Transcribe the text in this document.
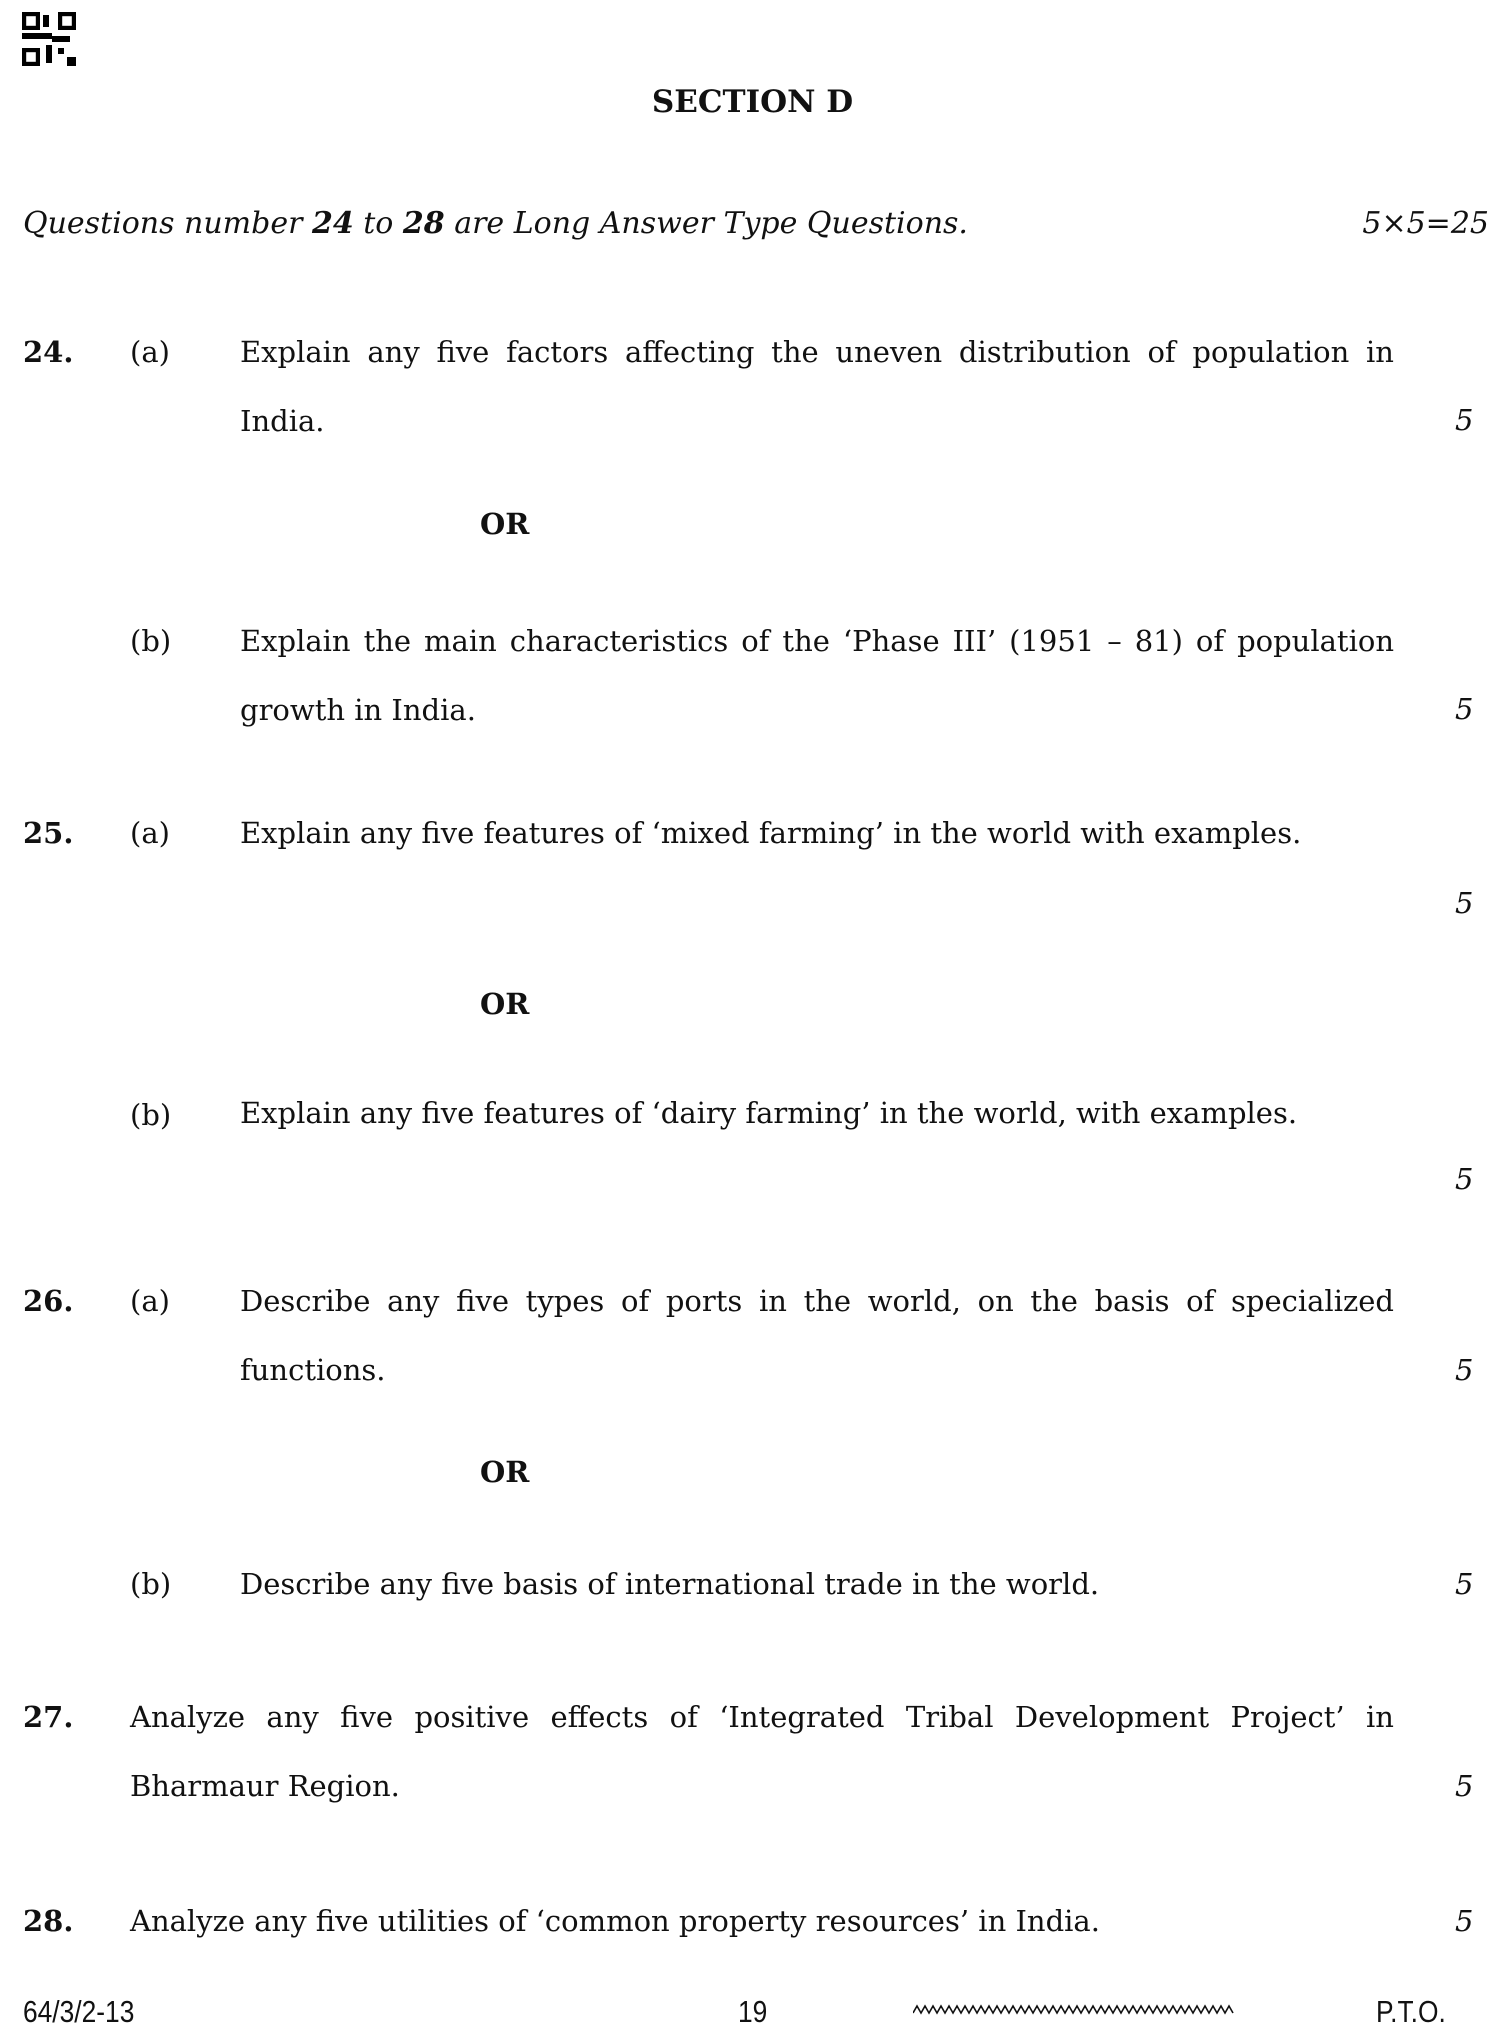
SECTION D
Questions number 24 to 28 are Long Answer Type Questions.	5×5=25
24. (a) Explain any five factors affecting the uneven distribution of population in India.	5
OR
(b) Explain the main characteristics of the ‘Phase III’ (1951 – 81) of population growth in India.	5
25. (a) Explain any five features of ‘mixed farming’ in the world with examples.
5
OR
(b) Explain any five features of ‘dairy farming’ in the world, with examples.
5
26. (a) Describe any five types of ports in the world, on the basis of specialized functions.	5
OR
(b) Describe any five basis of international trade in the world.	5
27. Analyze any five positive effects of ‘Integrated Tribal Development Project’ in Bharmaur Region.	5
28. Analyze any five utilities of ‘common property resources’ in India.	5
64/3/2-13	19	P.T.O.
